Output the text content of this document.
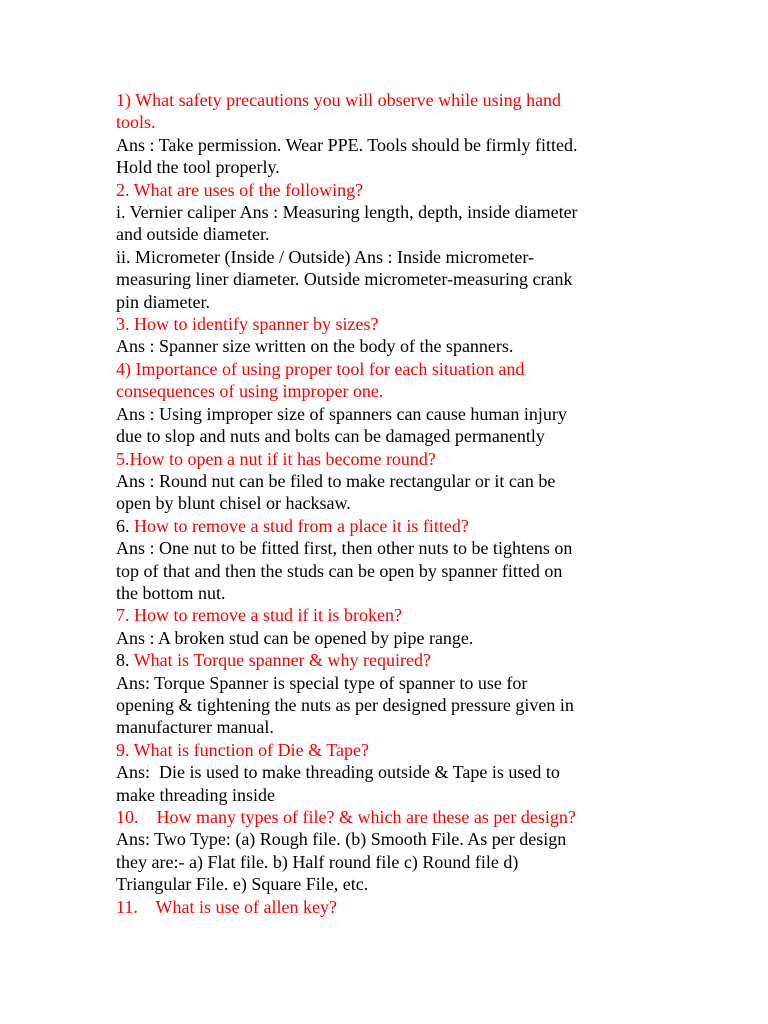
1) What safety precautions you will observe while using hand
tools.
Ans : Take permission. Wear PPE. Tools should be firmly fitted.
Hold the tool properly.
2. What are uses of the following?
i. Vernier caliper Ans : Measuring length, depth, inside diameter
and outside diameter.
ii. Micrometer (Inside / Outside) Ans : Inside micrometer-
measuring liner diameter. Outside micrometer-measuring crank
pin diameter.
3. How to identify spanner by sizes?
Ans : Spanner size written on the body of the spanners.
4) Importance of using proper tool for each situation and
consequences of using improper one.
Ans : Using improper size of spanners can cause human injury
due to slop and nuts and bolts can be damaged permanently
5.How to open a nut if it has become round?
Ans : Round nut can be filed to make rectangular or it can be
open by blunt chisel or hacksaw.
6. How to remove a stud from a place it is fitted?
Ans : One nut to be fitted first, then other nuts to be tightens on
top of that and then the studs can be open by spanner fitted on
the bottom nut.
7. How to remove a stud if it is broken?
Ans : A broken stud can be opened by pipe range.
8. What is Torque spanner & why required?
Ans: Torque Spanner is special type of spanner to use for
opening & tightening the nuts as per designed pressure given in
manufacturer manual.
9. What is function of Die & Tape?
Ans:  Die is used to make threading outside & Tape is used to
make threading inside
10.    How many types of file? & which are these as per design?
Ans: Two Type: (a) Rough file. (b) Smooth File. As per design
they are:- a) Flat file. b) Half round file c) Round file d)
Triangular File. e) Square File, etc.
11.    What is use of allen key?
